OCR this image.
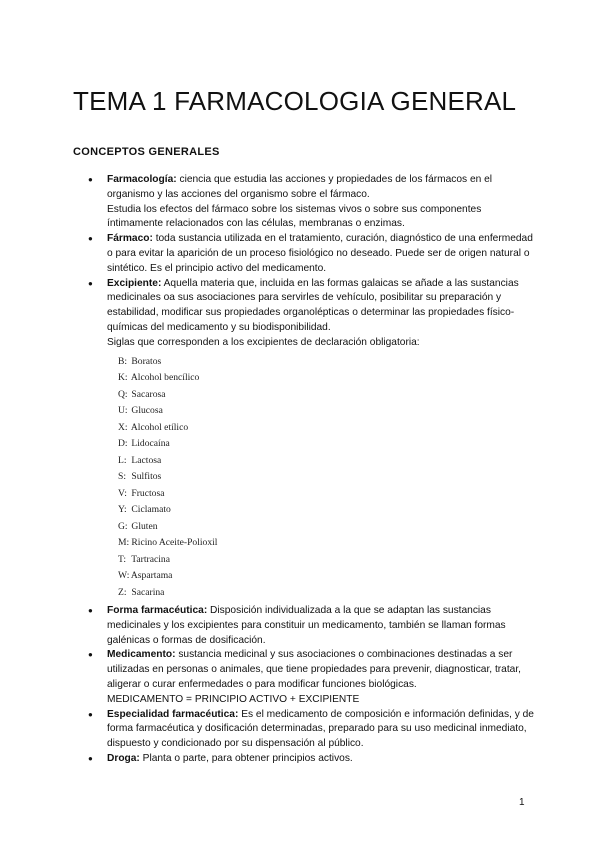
TEMA 1 FARMACOLOGIA GENERAL
CONCEPTOS GENERALES
● Farmacología: ciencia que estudia las acciones y propiedades de los fármacos en el organismo y las acciones del organismo sobre el fármaco.
Estudia los efectos del fármaco sobre los sistemas vivos o sobre sus componentes íntimamente relacionados con las células, membranas o enzimas.
● Fármaco: toda sustancia utilizada en el tratamiento, curación, diagnóstico de una enfermedad o para evitar la aparición de un proceso fisiológico no deseado. Puede ser de origen natural o sintético. Es el principio activo del medicamento.
● Excipiente: Aquella materia que, incluida en las formas galaicas se añade a las sustancias medicinales oa sus asociaciones para servirles de vehículo, posibilitar su preparación y estabilidad, modificar sus propiedades organolépticas o determinar las propiedades físico-químicas del medicamento y su biodisponibilidad.
Siglas que corresponden a los excipientes de declaración obligatoria:
B: Boratos
K: Alcohol bencílico
Q: Sacarosa
U: Glucosa
X: Alcohol etílico
D: Lidocaína
L: Lactosa
S: Sulfitos
V: Fructosa
Y: Ciclamato
G: Gluten
M: Ricino Aceite-Polioxil
T: Tartracina
W: Aspartama
Z: Sacarina
● Forma farmacéutica: Disposición individualizada a la que se adaptan las sustancias medicinales y los excipientes para constituir un medicamento, también se llaman formas galénicas o formas de dosificación.
● Medicamento: sustancia medicinal y sus asociaciones o combinaciones destinadas a ser utilizadas en personas o animales, que tiene propiedades para prevenir, diagnosticar, tratar, aligerar o curar enfermedades o para modificar funciones biológicas.
MEDICAMENTO = PRINCIPIO ACTIVO + EXCIPIENTE
● Especialidad farmacéutica: Es el medicamento de composición e información definidas, y de forma farmacéutica y dosificación determinadas, preparado para su uso medicinal inmediato, dispuesto y condicionado por su dispensación al público.
● Droga: Planta o parte, para obtener principios activos.
1
